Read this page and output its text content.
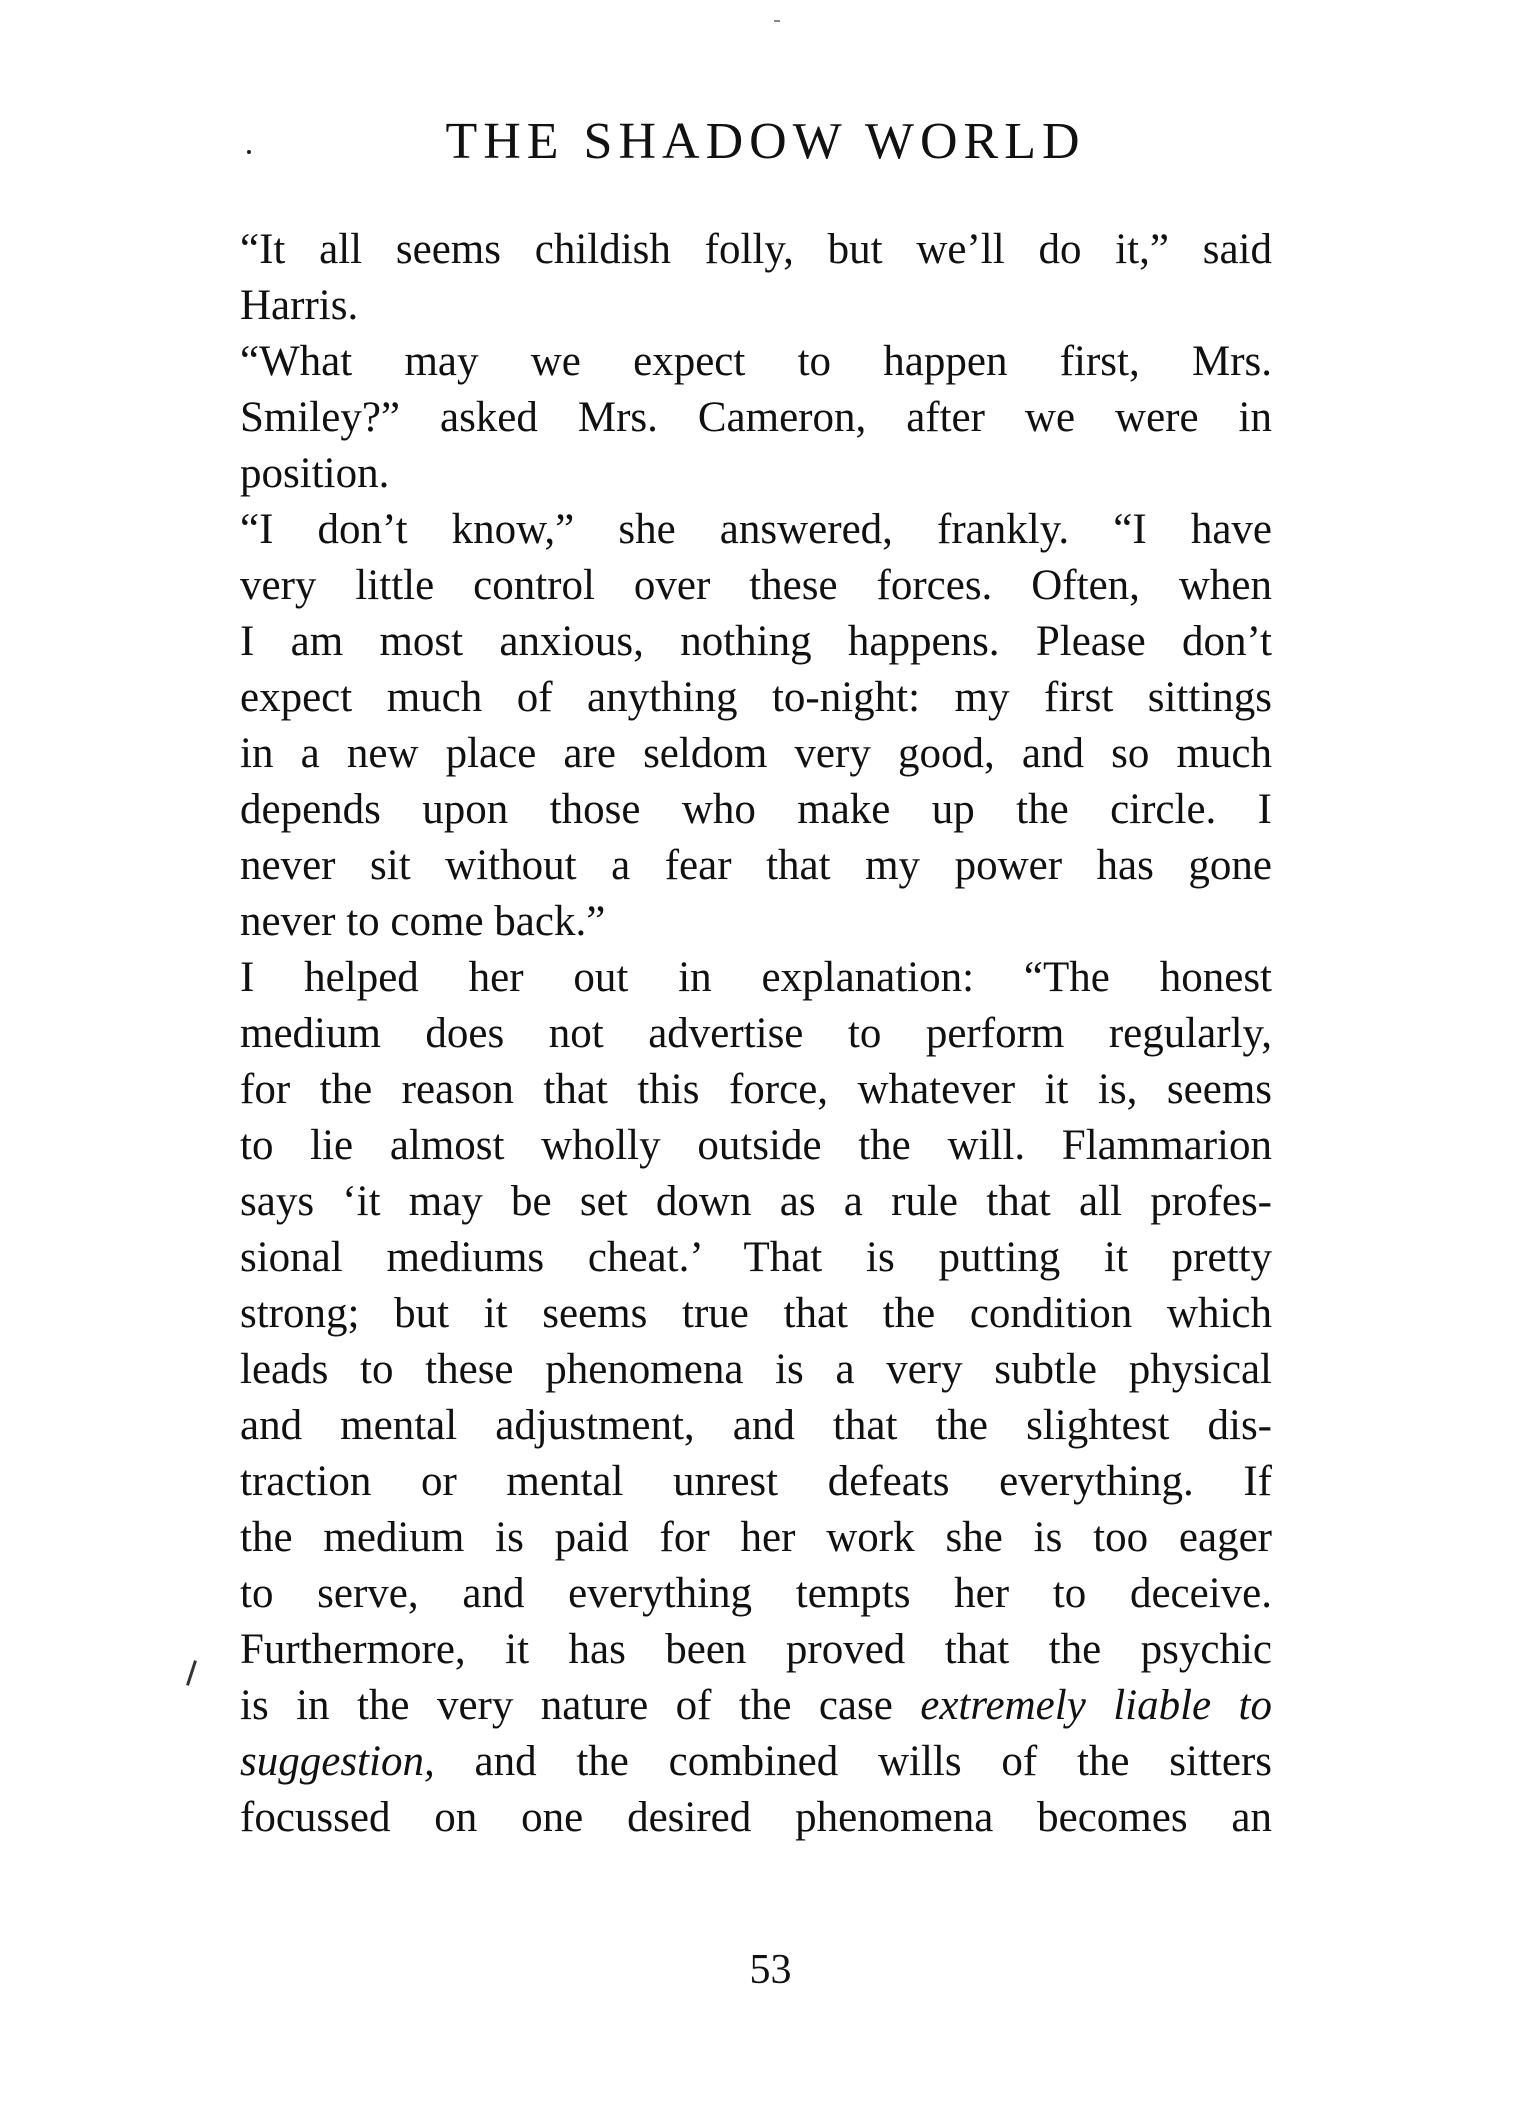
THE SHADOW WORLD
“It all seems childish folly, but we’ll do it,” said
Harris.
“What may we expect to happen first, Mrs.
Smiley?” asked Mrs. Cameron, after we were in
position.
“I don’t know,” she answered, frankly. “I have
very little control over these forces. Often, when
I am most anxious, nothing happens. Please don’t
expect much of anything to-night: my first sittings
in a new place are seldom very good, and so much
depends upon those who make up the circle. I
never sit without a fear that my power has gone
never to come back.”
I helped her out in explanation: “The honest
medium does not advertise to perform regularly,
for the reason that this force, whatever it is, seems
to lie almost wholly outside the will. Flammarion
says ‘it may be set down as a rule that all profes-
sional mediums cheat.’ That is putting it pretty
strong; but it seems true that the condition which
leads to these phenomena is a very subtle physical
and mental adjustment, and that the slightest dis-
traction or mental unrest defeats everything. If
the medium is paid for her work she is too eager
to serve, and everything tempts her to deceive.
Furthermore, it has been proved that the psychic
is in the very nature of the case extremely liable to
suggestion, and the combined wills of the sitters
focussed on one desired phenomena becomes an
53
